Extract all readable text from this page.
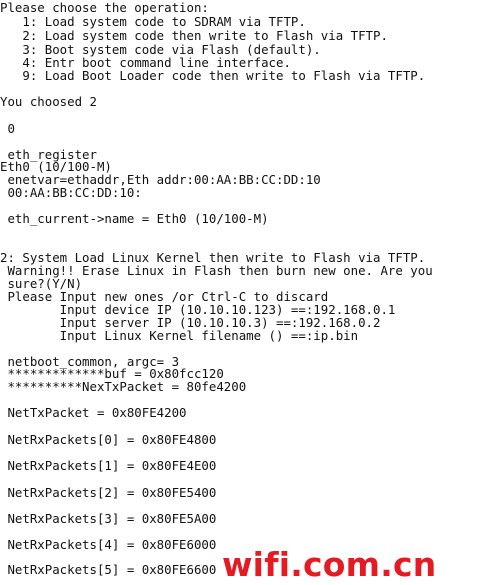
Please choose the operation:
1: Load system code to SDRAM via TFTP.
2: Load system code then write to Flash via TFTP.
3: Boot system code via Flash (default).
4: Entr boot command line interface.
9: Load Boot Loader code then write to Flash via TFTP.
You choosed 2
0
eth_register
Eth0 (10/100-M)
enetvar=ethaddr,Eth addr:00:AA:BB:CC:DD:10
00:AA:BB:CC:DD:10:
eth_current->name = Eth0 (10/100-M)
2: System Load Linux Kernel then write to Flash via TFTP.
Warning!! Erase Linux in Flash then burn new one. Are you
sure?(Y/N)
Please Input new ones /or Ctrl-C to discard
Input device IP (10.10.10.123) ==:192.168.0.1
Input server IP (10.10.10.3) ==:192.168.0.2
Input Linux Kernel filename () ==:ip.bin
netboot_common, argc= 3
*************buf = 0x80fcc120
**********NexTxPacket = 80fe4200
NetTxPacket = 0x80FE4200
NetRxPackets[0] = 0x80FE4800
NetRxPackets[1] = 0x80FE4E00
NetRxPackets[2] = 0x80FE5400
NetRxPackets[3] = 0x80FE5A00
NetRxPackets[4] = 0x80FE6000
NetRxPackets[5] = 0x80FE6600 wifi.com.cn
